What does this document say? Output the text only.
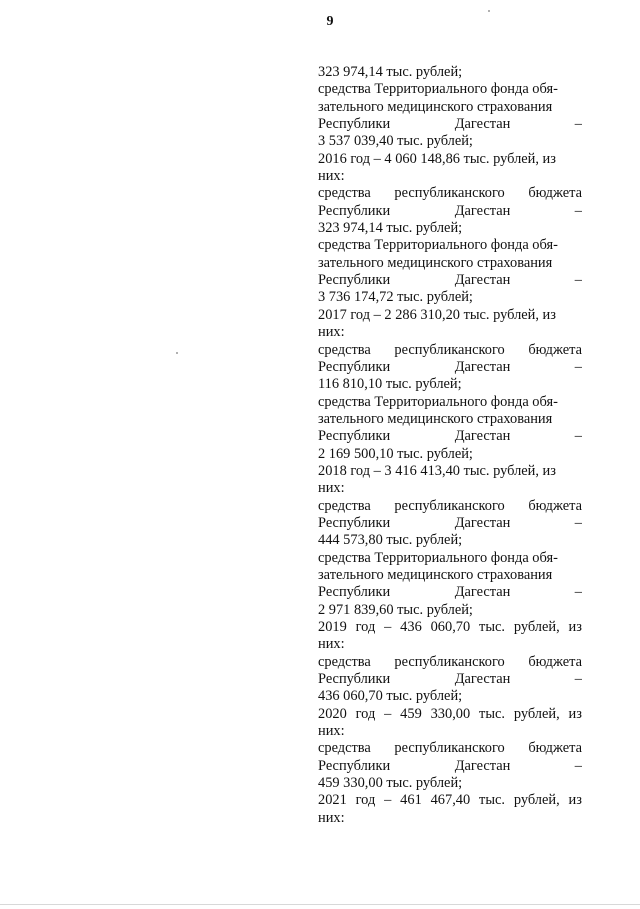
9
323 974,14 тыс. рублей;
средства Территориального фонда обя-
зательного медицинского страхования
Республики	Дагестан	–
3 537 039,40 тыс. рублей;
2016 год – 4 060 148,86 тыс. рублей, из
них:
средства республиканского бюджета
Республики	Дагестан	–
323 974,14 тыс. рублей;
средства Территориального фонда обя-
зательного медицинского страхования
Республики	Дагестан	–
3 736 174,72 тыс. рублей;
2017 год – 2 286 310,20 тыс. рублей, из
них:
средства республиканского бюджета
Республики	Дагестан	–
116 810,10 тыс. рублей;
средства Территориального фонда обя-
зательного медицинского страхования
Республики	Дагестан	–
2 169 500,10 тыс. рублей;
2018 год – 3 416 413,40 тыс. рублей, из
них:
средства республиканского бюджета
Республики	Дагестан	–
444 573,80 тыс. рублей;
средства Территориального фонда обя-
зательного медицинского страхования
Республики	Дагестан	–
2 971 839,60 тыс. рублей;
2019 год – 436 060,70 тыс. рублей, из
них:
средства республиканского бюджета
Республики	Дагестан	–
436 060,70 тыс. рублей;
2020 год – 459 330,00 тыс. рублей, из
них:
средства республиканского бюджета
Республики	Дагестан	–
459 330,00 тыс. рублей;
2021 год – 461 467,40 тыс. рублей, из
них:
